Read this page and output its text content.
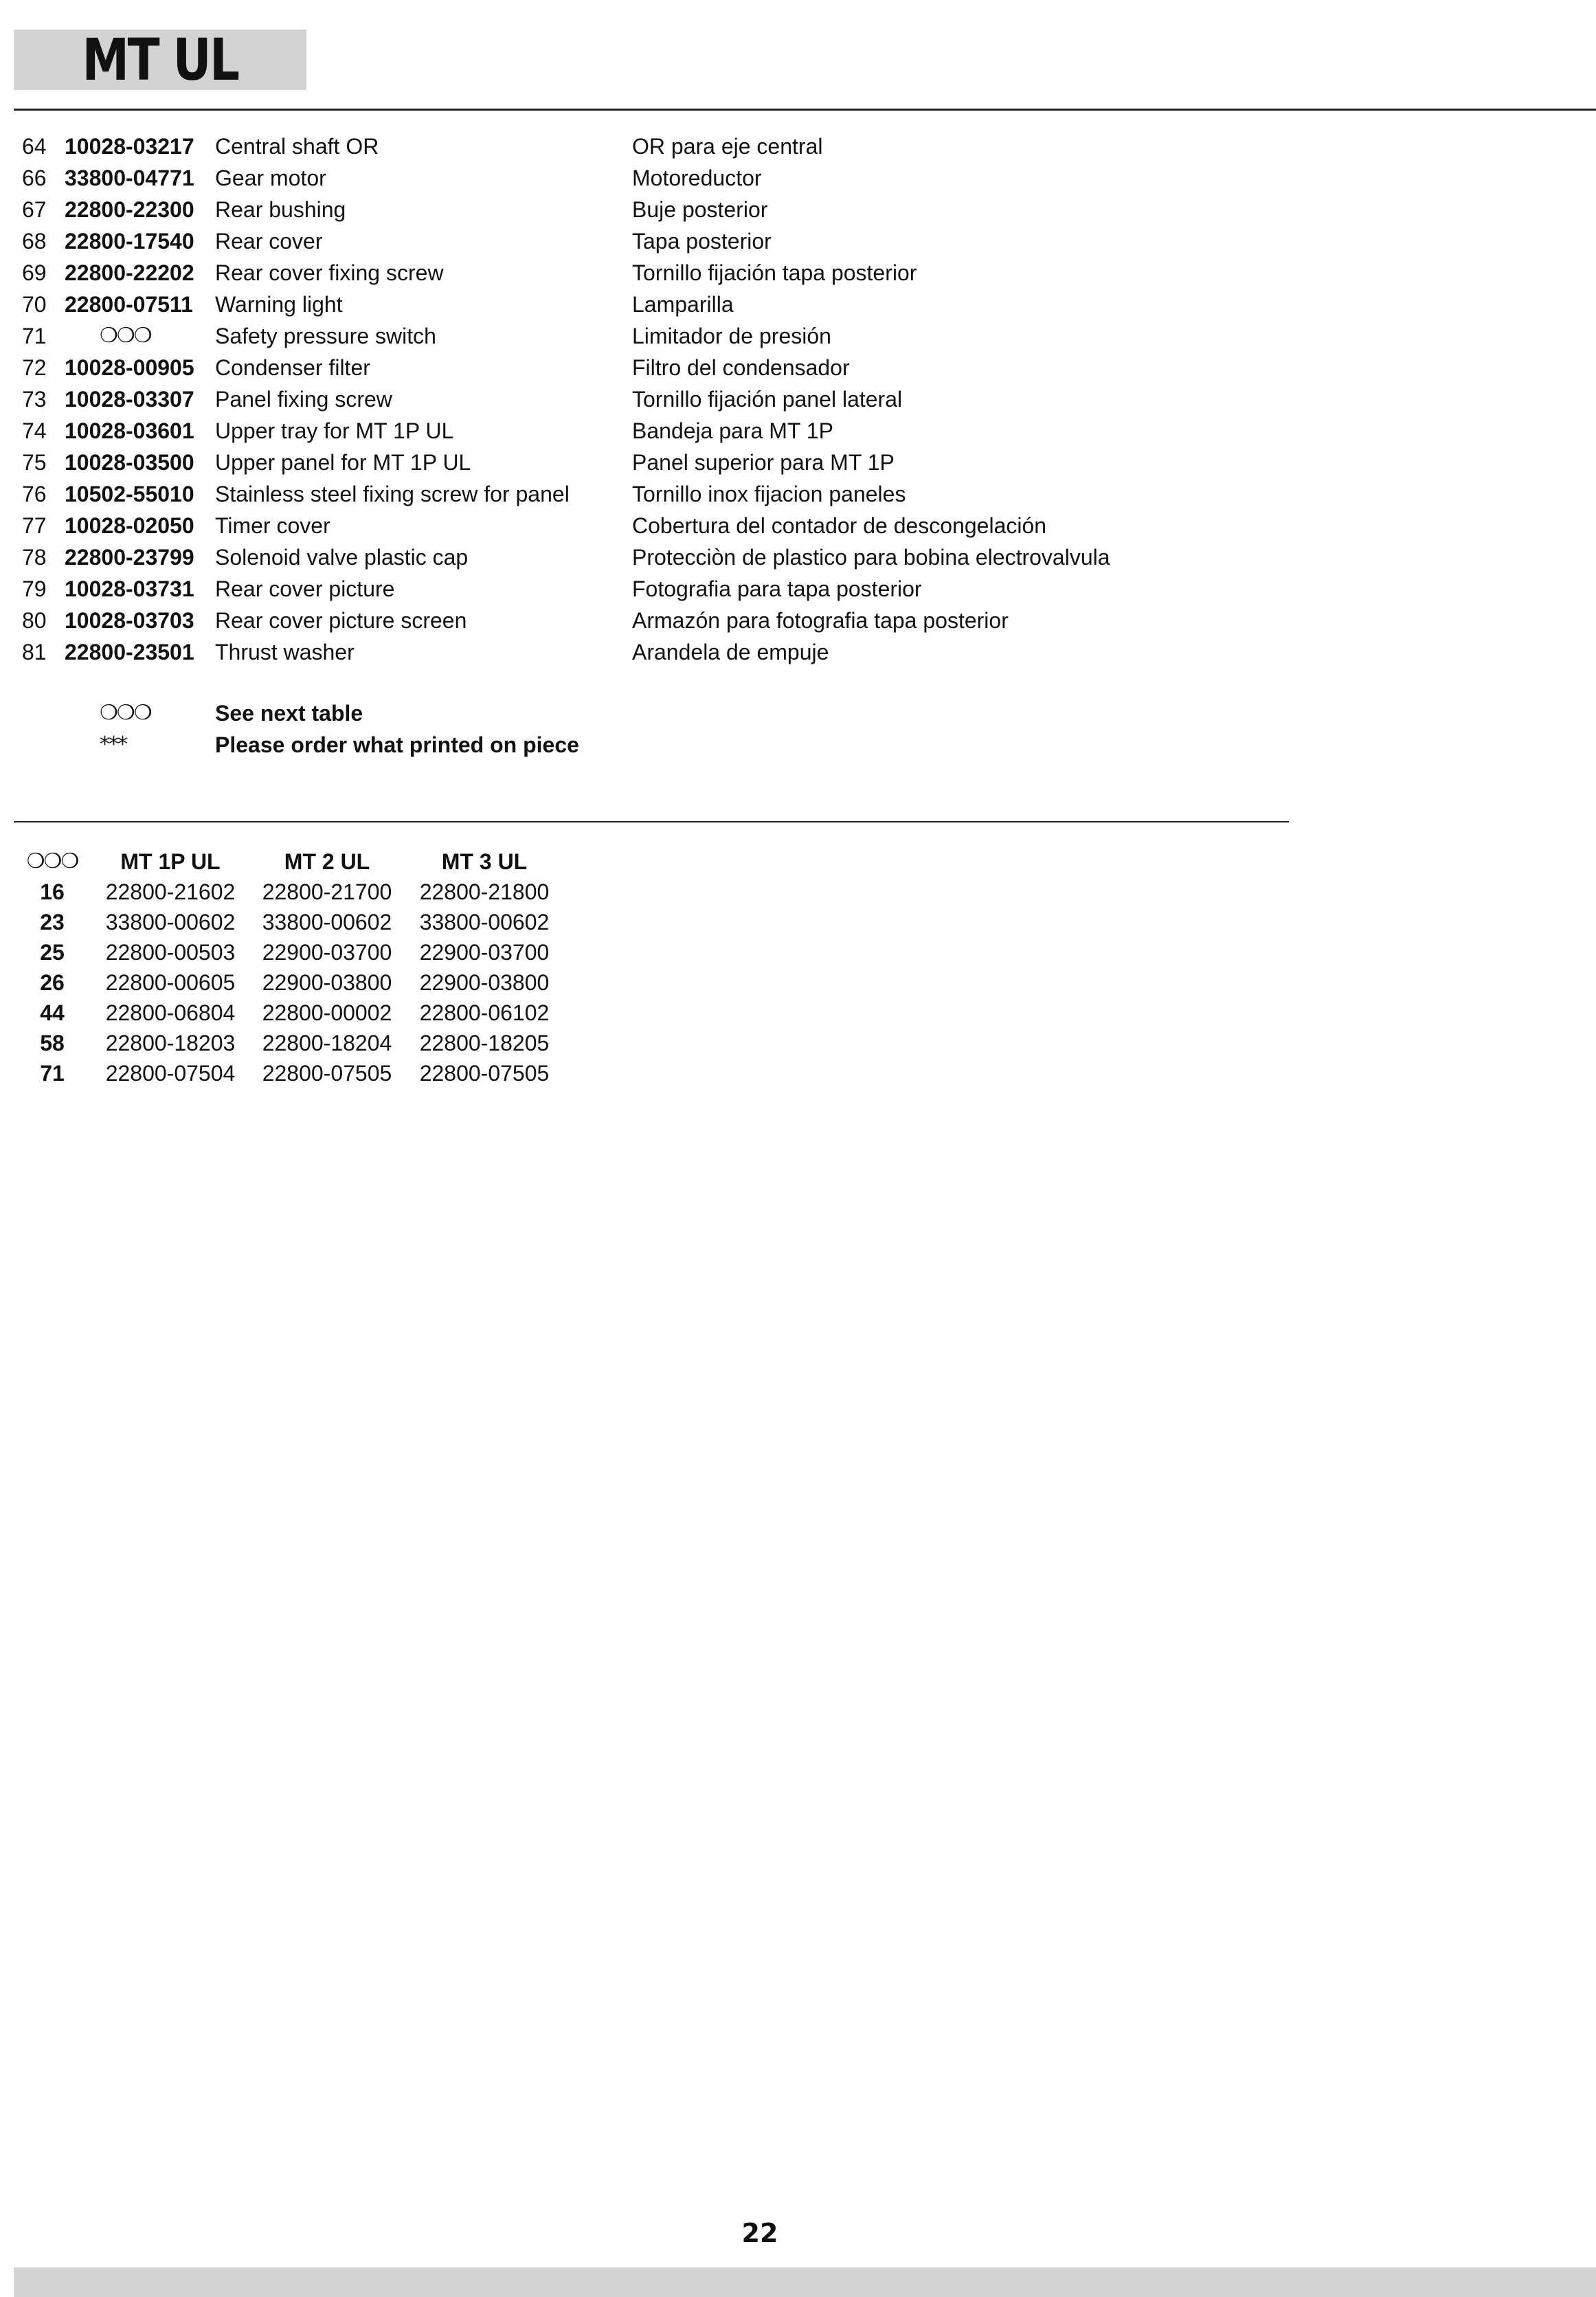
MT UL
64 10028-03217 Central shaft OR	OR para eje central
66 33800-04771 Gear motor	Motoreductor
67 22800-22300 Rear bushing	Buje posterior
68 22800-17540 Rear cover	Tapa posterior
69 22800-22202 Rear cover fixing screw	Tornillo fijación tapa posterior
70 22800-07511 Warning light	Lamparilla
71	❍❍❍	Safety pressure switch	Limitador de presión
72 10028-00905 Condenser filter	Filtro del condensador
73 10028-03307 Panel fixing screw	Tornillo fijación panel lateral
74 10028-03601 Upper tray for MT 1P UL	Bandeja para MT 1P
75 10028-03500 Upper panel for MT 1P UL	Panel superior para MT 1P
76 10502-55010 Stainless steel fixing screw for panel	Tornillo inox fijacion paneles
77 10028-02050 Timer cover	Cobertura del contador de descongelación
78 22800-23799 Solenoid valve plastic cap	Protecciòn de plastico para bobina electrovalvula
79 10028-03731 Rear cover picture	Fotografia para tapa posterior
80 10028-03703 Rear cover picture screen	Armazón para fotografia tapa posterior
81 22800-23501 Thrust washer	Arandela de empuje
❍❍❍	See next table
***	Please order what printed on piece
❍❍❍	MT 1P UL	MT 2 UL	MT 3 UL
16	22800-21602 22800-21700 22800-21800
23	33800-00602 33800-00602 33800-00602
25	22800-00503 22900-03700 22900-03700
26	22800-00605 22900-03800 22900-03800
44	22800-06804 22800-00002 22800-06102
58	22800-18203 22800-18204 22800-18205
71	22800-07504 22800-07505 22800-07505
22
